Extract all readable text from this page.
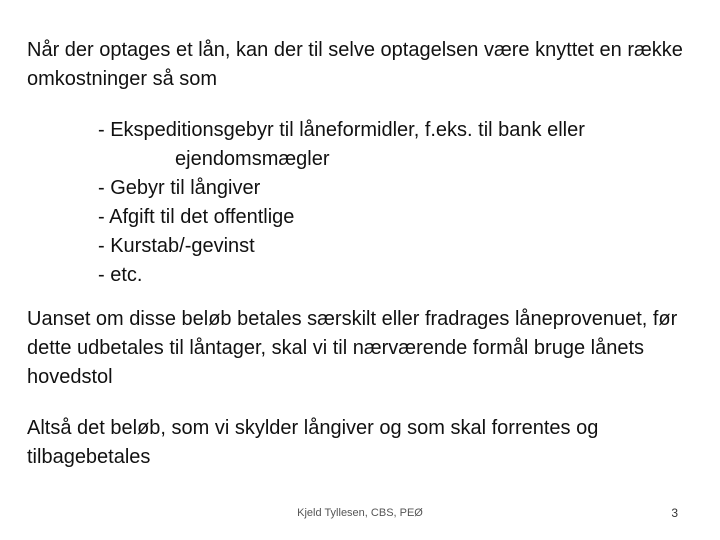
Når der optages et lån, kan der til selve optagelsen være knyttet en række omkostninger så som

- Ekspeditionsgebyr til låneformidler, f.eks. til bank eller
ejendomsmægler
- Gebyr til långiver
- Afgift til det offentlige
- Kurstab/-gevinst
- etc.

Uanset om disse beløb betales særskilt eller fradrages låneprovenuet, før dette udbetales til låntager, skal vi til nærværende formål bruge lånets hovedstol

Altså det beløb, som vi skylder långiver og som skal forrentes og tilbagebetales

Kjeld Tyllesen, CBS, PEØ	3
